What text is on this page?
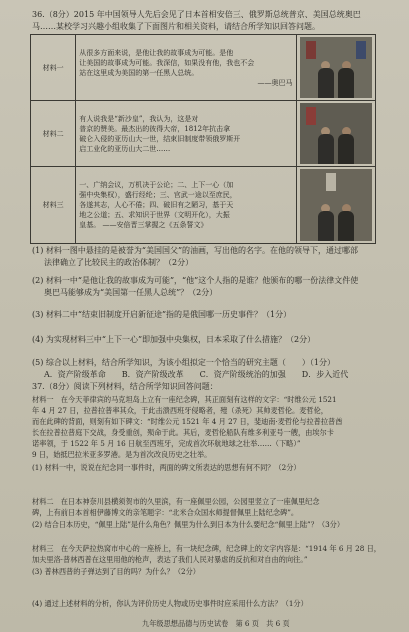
36.（8分）2015 年中国领导人先后会见了日本首相安倍三、俄罗斯总统普京、美国总统奥巴
马……某校学习兴趣小组收集了下面图片和相关资料，请结合所学知识回答问题。
材料一	从很多方面来说，是他让我的故事成为可能。是他
让美国的故事成为可能。我深信，如果没有他，我也不会
站在这里成为美国的第一任黑人总统。
——奥巴马	

材料二	有人说我是“新沙皇”，我认为，这是对
普京的赞美。最杰出的彼得大帝，1812年抗击拿
破仑入侵的亚历山大一世，结束旧制度带领俄罗斯开
启工业化的亚历山大二世……	

材料三	一、广纳会议，万机决于公论；二、上下一心（加
强中央集权），盛行经纶；三、官武一途以至庶民，
各遂其志，人心不倦；四、破旧有之陋习，基于天
地之公道；五、求知识于世界（文明开化），大振
皇基。 ——安倍晋三掌握之《五条誓文》	

(1) 材料一图中悬挂的是被誉为“美国国父”的油画，写出他的名字。在他的领导下，通过哪部
法律确立了比较民主的政治体制？（2分）
(2) 材料一中“是他让我的故事成为可能”，“他”这个人指的是谁？他颁布的哪一份法律文件使
奥巴马能够成为“美国第一任黑人总统”？（2分）
(3) 材料二中“结束旧制度开启新征途”指的是俄国哪一历史事件？（1分）
(4) 为实现材料三中“上下一心”即加强中央集权，日本采取了什么措施？（2分）
(5) 综合以上材料，结合所学知识，为该小组拟定一个恰当的研究主题（　　）（1分）
A．资产阶级革命　　B．资产阶级改革　　C．资产阶级统治的加强　　D．步入近代
37.（8分）阅读下列材料，结合所学知识回答问题：
材料一　在今天菲律宾的马克坦岛上立有一座纪念碑，其正面刻有这样的文字：“时维公元 1521
年 4 月 27 日，拉普拉普率其众，于此击溃西班牙侵略者，殪（杀死）其帅麦哲伦。麦哲伦，
而在此碑的背面，则刻有如下碑文：“时维公元 1521 年 4 月 27 日，斐迪南·麦哲伦与拉普拉普酋
长在拉普拉普庭下交战，身受重创，殒命于此。其后，麦哲伦船队有维多利亚号一艘，由埃尔卡
诺率领，于 1522 年 5 月 16 日航至西班牙，完成首次环航地球之壮举……（下略）”
9 日，始抵巴拉米亚多罗港。是为首次改良历史之壮举。
(1) 材料一中，说说在纪念同一事件时，两面的碑文所表达的思想有何不同？（2分）
材料二　在日本神奈川县横须贺市的久里滨，有一座佩里公园，公园里竖立了一座佩里纪念
碑，上有前日本首相伊藤博文的亲笔题字：“北米合众国水师提督佩里上陆纪念碑”。
(2) 结合日本历史，“佩里上陆”是什么角色？佩里为什么到日本为什么要纪念“佩里上陆”？（3分）
材料三　在今天萨拉热窝市中心的一座桥上，有一块纪念碑，纪念碑上的文字内容是：“1914 年 6 月 28 日，
加夫里洛·普林西普在这里用他的枪声，表达了我们人民对暴虐的反抗和对自由的向往。”
(3) 普林西普的子弹达到了目的吗？为什么？（2分）
(4) 通过上述材料的分析，你认为评价历史人物或历史事件时应采用什么方法？（1分）
九年级思想品德与历史试卷　第 6 页　共 6 页
